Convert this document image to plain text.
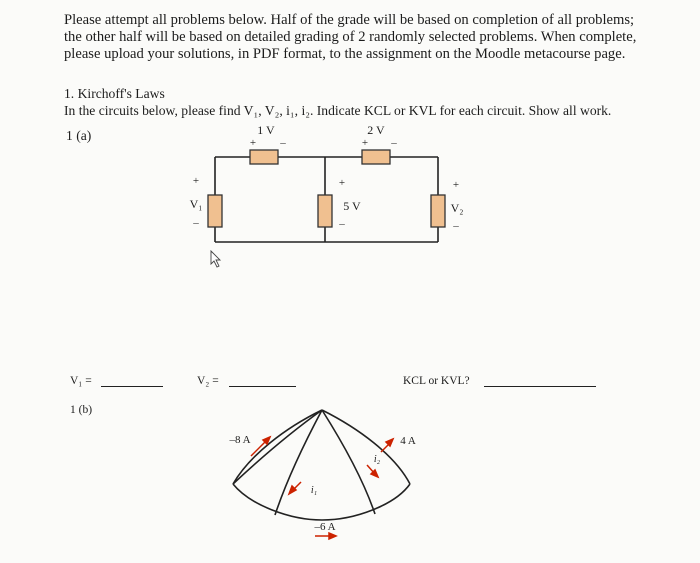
Please attempt all problems below. Half of the grade will be based on completion of all problems;
the other half will be based on detailed grading of 2 randomly selected problems. When complete,
please upload your solutions, in PDF format, to the assignment on the Moodle metacourse page.
1. Kirchoff's Laws
In the circuits below, please find V₁, V₂, i₁, i₂. Indicate KCL or KVL for each circuit. Show all work.
1 (a)	1 V	2 V
+ –	+ –
+
V₁
–
+
5 V
–
+
V₂
–
V₁ =	V₂ =	KCL or KVL?
1 (b)
–8 A	4 A
i₁
i₂
–6 A
